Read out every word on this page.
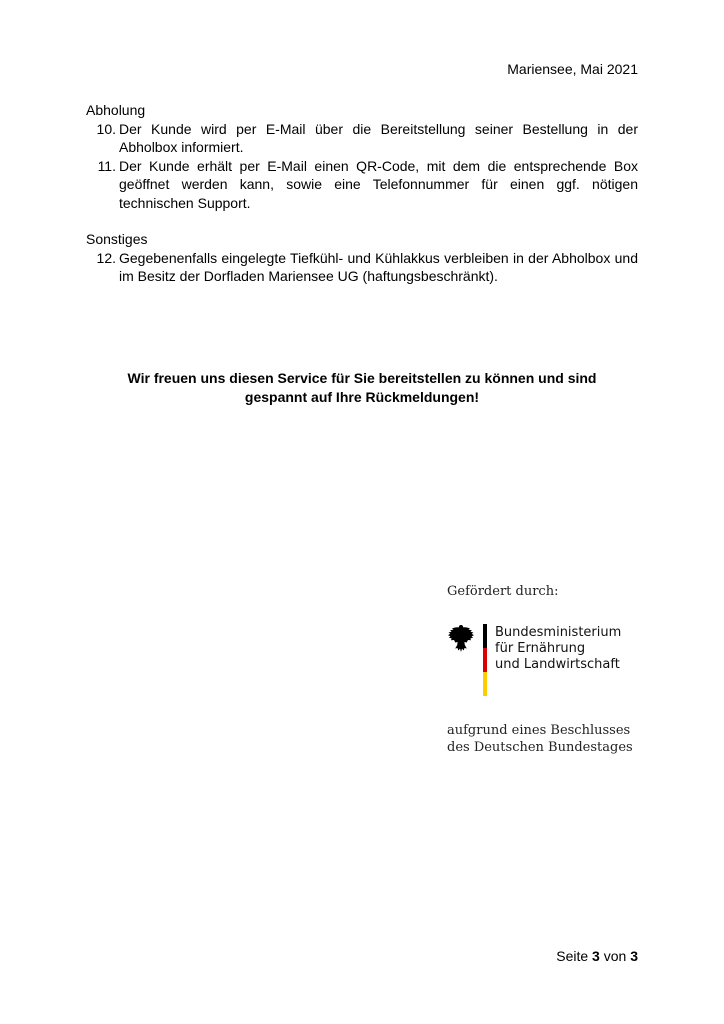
Mariensee, Mai 2021
Abholung
10. Der Kunde wird per E-Mail über die Bereitstellung seiner Bestellung in der Abholbox informiert.
11. Der Kunde erhält per E-Mail einen QR-Code, mit dem die entsprechende Box geöffnet werden kann, sowie eine Telefonnummer für einen ggf. nötigen technischen Support.
Sonstiges
12. Gegebenenfalls eingelegte Tiefkühl- und Kühlakkus verbleiben in der Abholbox und im Besitz der Dorfladen Mariensee UG (haftungsbeschränkt).
Wir freuen uns diesen Service für Sie bereitstellen zu können und sind
gespannt auf Ihre Rückmeldungen!
Gefördert durch:
Bundesministerium
für Ernährung
und Landwirtschaft
aufgrund eines Beschlusses
des Deutschen Bundestages
Seite 3 von 3
